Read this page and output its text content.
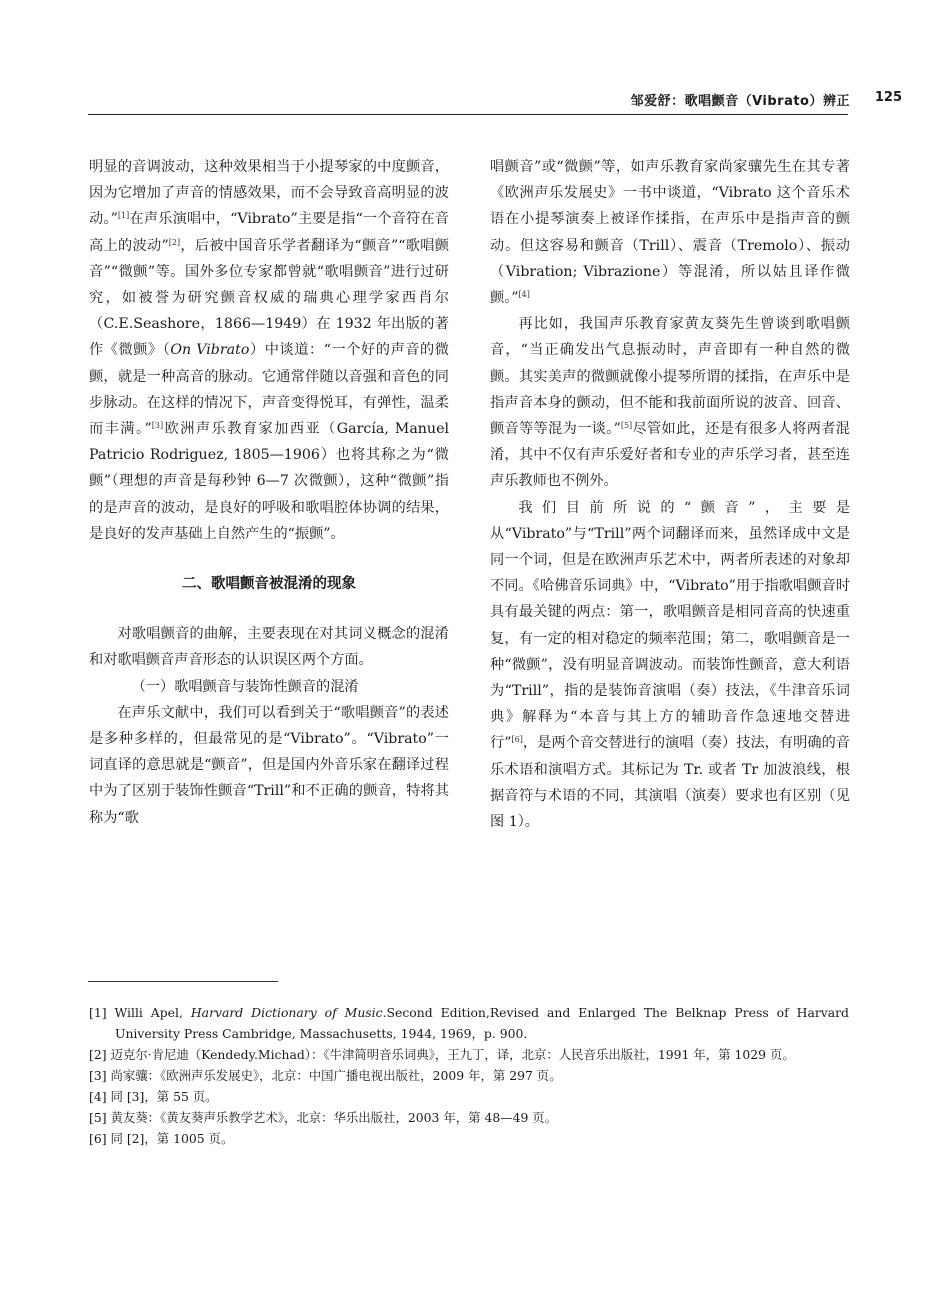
邹爱舒：歌唱颤音（Vibrato）辨正 125

明显的音调波动，这种效果相当于小提琴家的中度颤音，因为它增加了声音的情感效果，而不会导致音高明显的波动。”[1]在声乐演唱中，“Vibrato”主要是指“一个音符在音高上的波动”[2]，后被中国音乐学者翻译为“颤音”“歌唱颤音”“微颤”等。国外多位专家都曾就“歌唱颤音”进行过研究，如被誉为研究颤音权威的瑞典心理学家西肖尔（C.E.Seashore，1866—1949）在 1932 年出版的著作《微颤》（On Vibrato）中谈道：“一个好的声音的微颤，就是一种高音的脉动。它通常伴随以音强和音色的同步脉动。在这样的情况下，声音变得悦耳，有弹性，温柔而丰满。”[3]欧洲声乐教育家加西亚（García, Manuel Patricio Rodriguez, 1805—1906）也将其称之为“微颤”（理想的声音是每秒钟 6—7 次微颤），这种“微颤”指的是声音的波动，是良好的呼吸和歌唱腔体协调的结果，是良好的发声基础上自然产生的“振颤”。

二、歌唱颤音被混淆的现象

对歌唱颤音的曲解，主要表现在对其词义概念的混淆和对歌唱颤音声音形态的认识误区两个方面。

（一）歌唱颤音与装饰性颤音的混淆

在声乐文献中，我们可以看到关于“歌唱颤音”的表述是多种多样的，但最常见的是“Vibrato”。“Vibrato”一词直译的意思就是“颤音”，但是国内外音乐家在翻译过程中为了区别于装饰性颤音“Trill”和不正确的颤音，特将其称为“歌

唱颤音”或“微颤”等，如声乐教育家尚家骧先生在其专著《欧洲声乐发展史》一书中谈道，“Vibrato 这个音乐术语在小提琴演奏上被译作揉指，在声乐中是指声音的颤动。但这容易和颤音（Trill）、震音（Tremolo）、振动（Vibration; Vibrazione）等混淆，所以姑且译作微颤。”[4]

再比如，我国声乐教育家黄友葵先生曾谈到歌唱颤音，“当正确发出气息振动时，声音即有一种自然的微颤。其实美声的微颤就像小提琴所谓的揉指，在声乐中是指声音本身的颤动，但不能和我前面所说的波音、回音、颤音等等混为一谈。”[5]尽管如此，还是有很多人将两者混淆，其中不仅有声乐爱好者和专业的声乐学习者，甚至连声乐教师也不例外。

我们目前所说的“颤音”，主要是从“Vibrato”与“Trill”两个词翻译而来，虽然译成中文是同一个词，但是在欧洲声乐艺术中，两者所表述的对象却不同。《哈佛音乐词典》中，“Vibrato”用于指歌唱颤音时具有最关键的两点：第一，歌唱颤音是相同音高的快速重复，有一定的相对稳定的频率范围；第二，歌唱颤音是一种“微颤”，没有明显音调波动。而装饰性颤音，意大利语为“Trill”，指的是装饰音演唱（奏）技法，《牛津音乐词典》解释为“本音与其上方的辅助音作急速地交替进行”[6]，是两个音交替进行的演唱（奏）技法，有明确的音乐术语和演唱方式。其标记为 Tr. 或者 Tr 加波浪线，根据音符与术语的不同，其演唱（演奏）要求也有区别（见图 1）。

[1] Willi Apel, Harvard Dictionary of Music.Second Edition,Revised and Enlarged The Belknap Press of Harvard University Press Cambridge, Massachusetts, 1944, 1969，p. 900.
[2] 迈克尔·肯尼迪（Kendedy.Michad）：《牛津简明音乐词典》，王九丁，译，北京：人民音乐出版社，1991 年，第 1029 页。
[3] 尚家骧：《欧洲声乐发展史》，北京：中国广播电视出版社，2009 年，第 297 页。
[4] 同 [3]，第 55 页。
[5] 黄友葵：《黄友葵声乐教学艺术》，北京：华乐出版社，2003 年，第 48—49 页。
[6] 同 [2]，第 1005 页。
